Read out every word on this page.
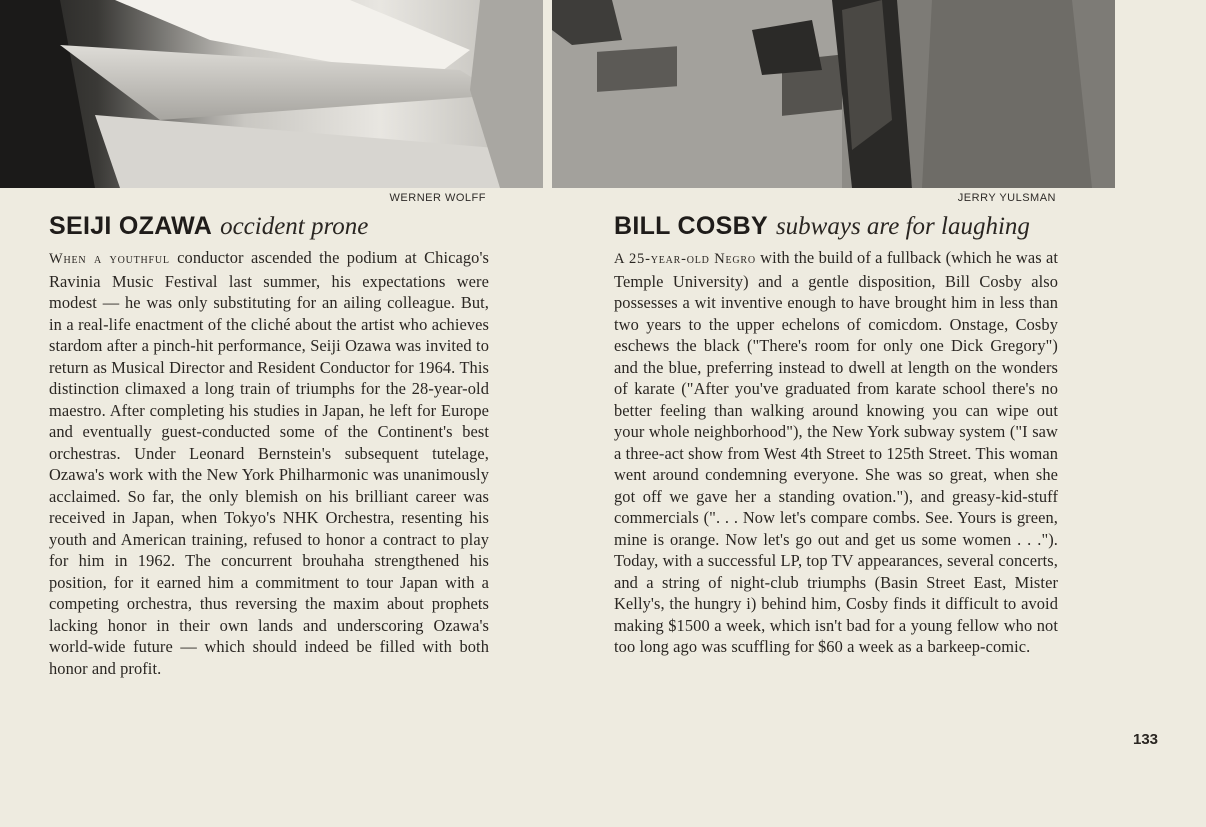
WERNER WOLFF	JERRY YULSMAN
SEIJI OZAWA occident prone

When a youthful conductor ascended the podium at Chicago's Ravinia Music Festival last summer, his expectations were modest — he was only substituting for an ailing colleague. But, in a real-life enactment of the cliché about the artist who achieves stardom after a pinch-hit performance, Seiji Ozawa was invited to return as Musical Director and Resident Conductor for 1964. This distinction climaxed a long train of triumphs for the 28-year-old maestro. After completing his studies in Japan, he left for Europe and eventually guest-conducted some of the Continent's best orchestras. Under Leonard Bernstein's subsequent tutelage, Ozawa's work with the New York Philharmonic was unanimously acclaimed. So far, the only blemish on his brilliant career was received in Japan, when Tokyo's NHK Orchestra, resenting his youth and American training, refused to honor a contract to play for him in 1962. The concurrent brouhaha strengthened his position, for it earned him a commitment to tour Japan with a competing orchestra, thus reversing the maxim about prophets lacking honor in their own lands and underscoring Ozawa's world-wide future — which should indeed be filled with both honor and profit.

BILL COSBY subways are for laughing

A 25-year-old Negro with the build of a fullback (which he was at Temple University) and a gentle disposition, Bill Cosby also possesses a wit inventive enough to have brought him in less than two years to the upper echelons of comicdom. Onstage, Cosby eschews the black ("There's room for only one Dick Gregory") and the blue, preferring instead to dwell at length on the wonders of karate ("After you've graduated from karate school there's no better feeling than walking around knowing you can wipe out your whole neighborhood"), the New York subway system ("I saw a three-act show from West 4th Street to 125th Street. This woman went around condemning everyone. She was so great, when she got off we gave her a standing ovation."), and greasy-kid-stuff commercials (". . . Now let's compare combs. See. Yours is green, mine is orange. Now let's go out and get us some women . . ."). Today, with a successful LP, top TV appearances, several concerts, and a string of night-club triumphs (Basin Street East, Mister Kelly's, the hungry i) behind him, Cosby finds it difficult to avoid making $1500 a week, which isn't bad for a young fellow who not too long ago was scuffling for $60 a week as a barkeep-comic.

133
